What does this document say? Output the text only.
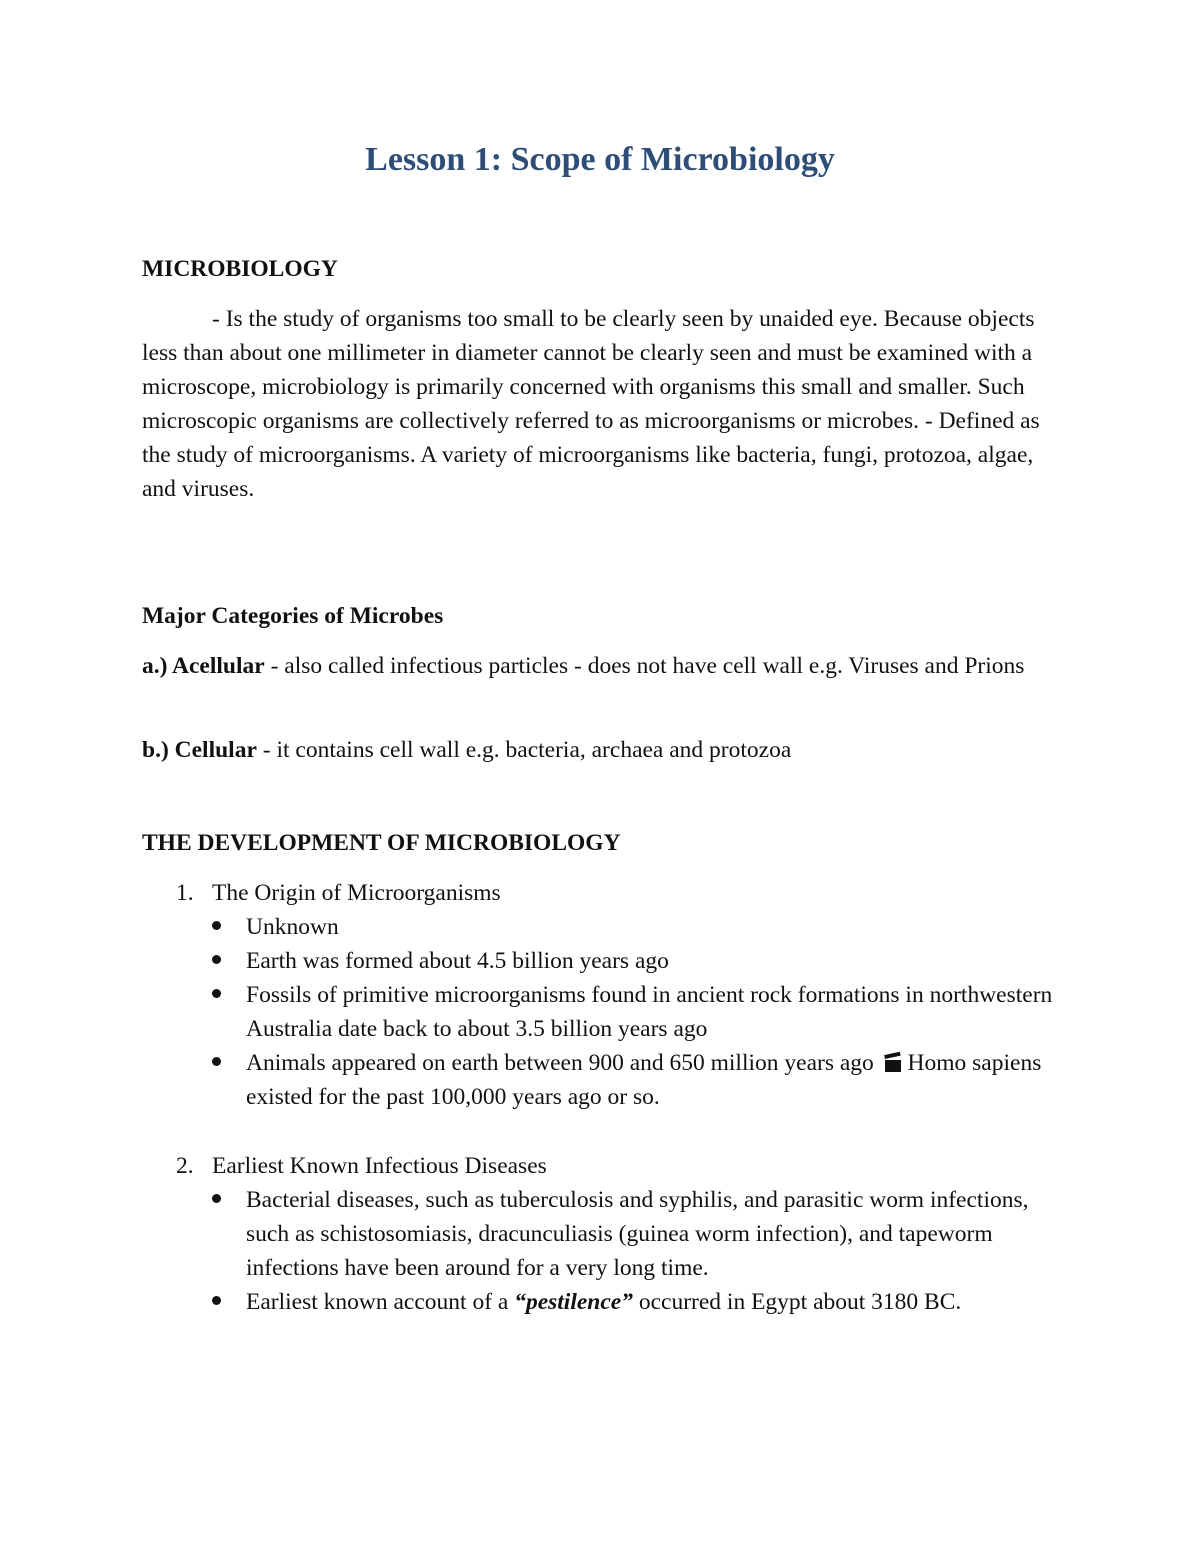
Lesson 1: Scope of Microbiology
MICROBIOLOGY

- Is the study of organisms too small to be clearly seen by unaided eye. Because objects less than about one millimeter in diameter cannot be clearly seen and must be examined with a microscope, microbiology is primarily concerned with organisms this small and smaller. Such microscopic organisms are collectively referred to as microorganisms or microbes. - Defined as the study of microorganisms. A variety of microorganisms like bacteria, fungi, protozoa, algae, and viruses.

Major Categories of Microbes
a.) Acellular - also called infectious particles - does not have cell wall e.g. Viruses and Prions
b.) Cellular - it contains cell wall e.g. bacteria, archaea and protozoa
THE DEVELOPMENT OF MICROBIOLOGY
1. The Origin of Microorganisms
Unknown
Earth was formed about 4.5 billion years ago
Fossils of primitive microorganisms found in ancient rock formations in northwestern Australia date back to about 3.5 billion years ago
Animals appeared on earth between 900 and 650 million years ago Homo sapiens existed for the past 100,000 years ago or so.
2. Earliest Known Infectious Diseases
Bacterial diseases, such as tuberculosis and syphilis, and parasitic worm infections, such as schistosomiasis, dracunculiasis (guinea worm infection), and tapeworm infections have been around for a very long time.
Earliest known account of a “pestilence” occurred in Egypt about 3180 BC.
